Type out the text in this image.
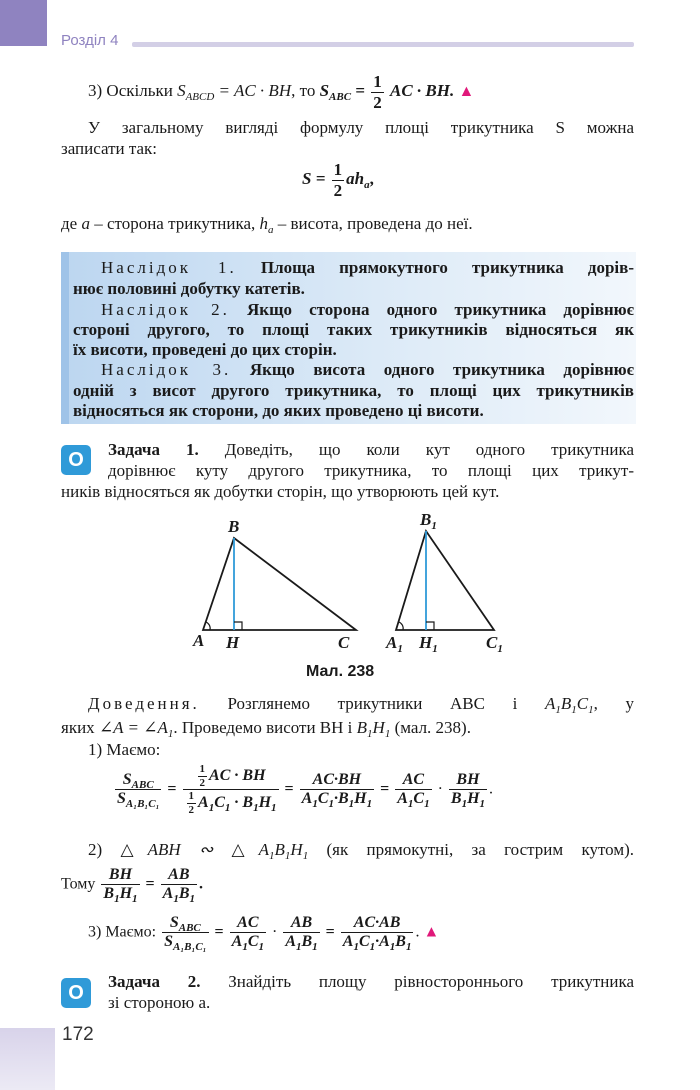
Розділ 4
3) Оскільки $S_{ABCD}$ = AC · BH, то $S_{ABC} = \frac{1}{2}$ AC · BH. ▲
У загальному вигляді формулу площі трикутника S можна
записати так:
$S = \frac{1}{2} ah_a$,
де a – сторона трикутника, $h_a$ – висота, проведена до неї.
Наслідок 1. Площа прямокутного трикутника дорів-
нює половині добутку катетів.
Наслідок 2. Якщо сторона одного трикутника дорівнює
стороні другого, то площі таких трикутників відносяться як
їх висоти, проведені до цих сторін.
Наслідок 3. Якщо висота одного трикутника дорівнює
одній з висот другого трикутника, то площі цих трикутників
відносяться як сторони, до яких проведено ці висоти.
О	Задача 1. Доведіть, що коли кут одного трикутника
дорівнює куту другого трикутника, то площі цих трикут-
ників відносяться як добутки сторін, що утворюють цей кут.
B
A H	C
$B_1$
$A_1$ $H_1$	$C_1$
Мал. 238
Доведення. Розглянемо трикутники ABC і $A_1B_1C_1$, у
яких ∠A = $\angle A_1$. Проведемо висоти BH і $B_1H_1$ (мал. 238).
1) Маємо:
$\frac{S_{ABC}}{S_{A_1B_1C_1}} = \frac{\frac{1}{2} AC \cdot BH}{\frac{1}{2} A_1C_1 \cdot B_1H_1} = \frac{AC\cdot BH}{A_1C_1\cdot B_1H_1} = \frac{AC}{A_1C_1} \cdot \frac{BH}{B_1H_1}$ .
2) △ABH ∾ $\triangle A_1B_1H_1$ (як прямокутні, за гострим кутом).
Тому $\frac{BH}{B_1H_1} = \frac{AB}{A_1B_1}$ .
3) Маємо: $\frac{S_{ABC}}{S_{A_1B_1C_1}} = \frac{AC}{A_1C_1} \cdot \frac{AB}{A_1B_1} = \frac{AC\cdot AB}{A_1C_1\cdot A_1B_1}$ . ▲
О
Задача 2. Знайдіть площу рівностороннього трикутника
зі стороною a.
172
